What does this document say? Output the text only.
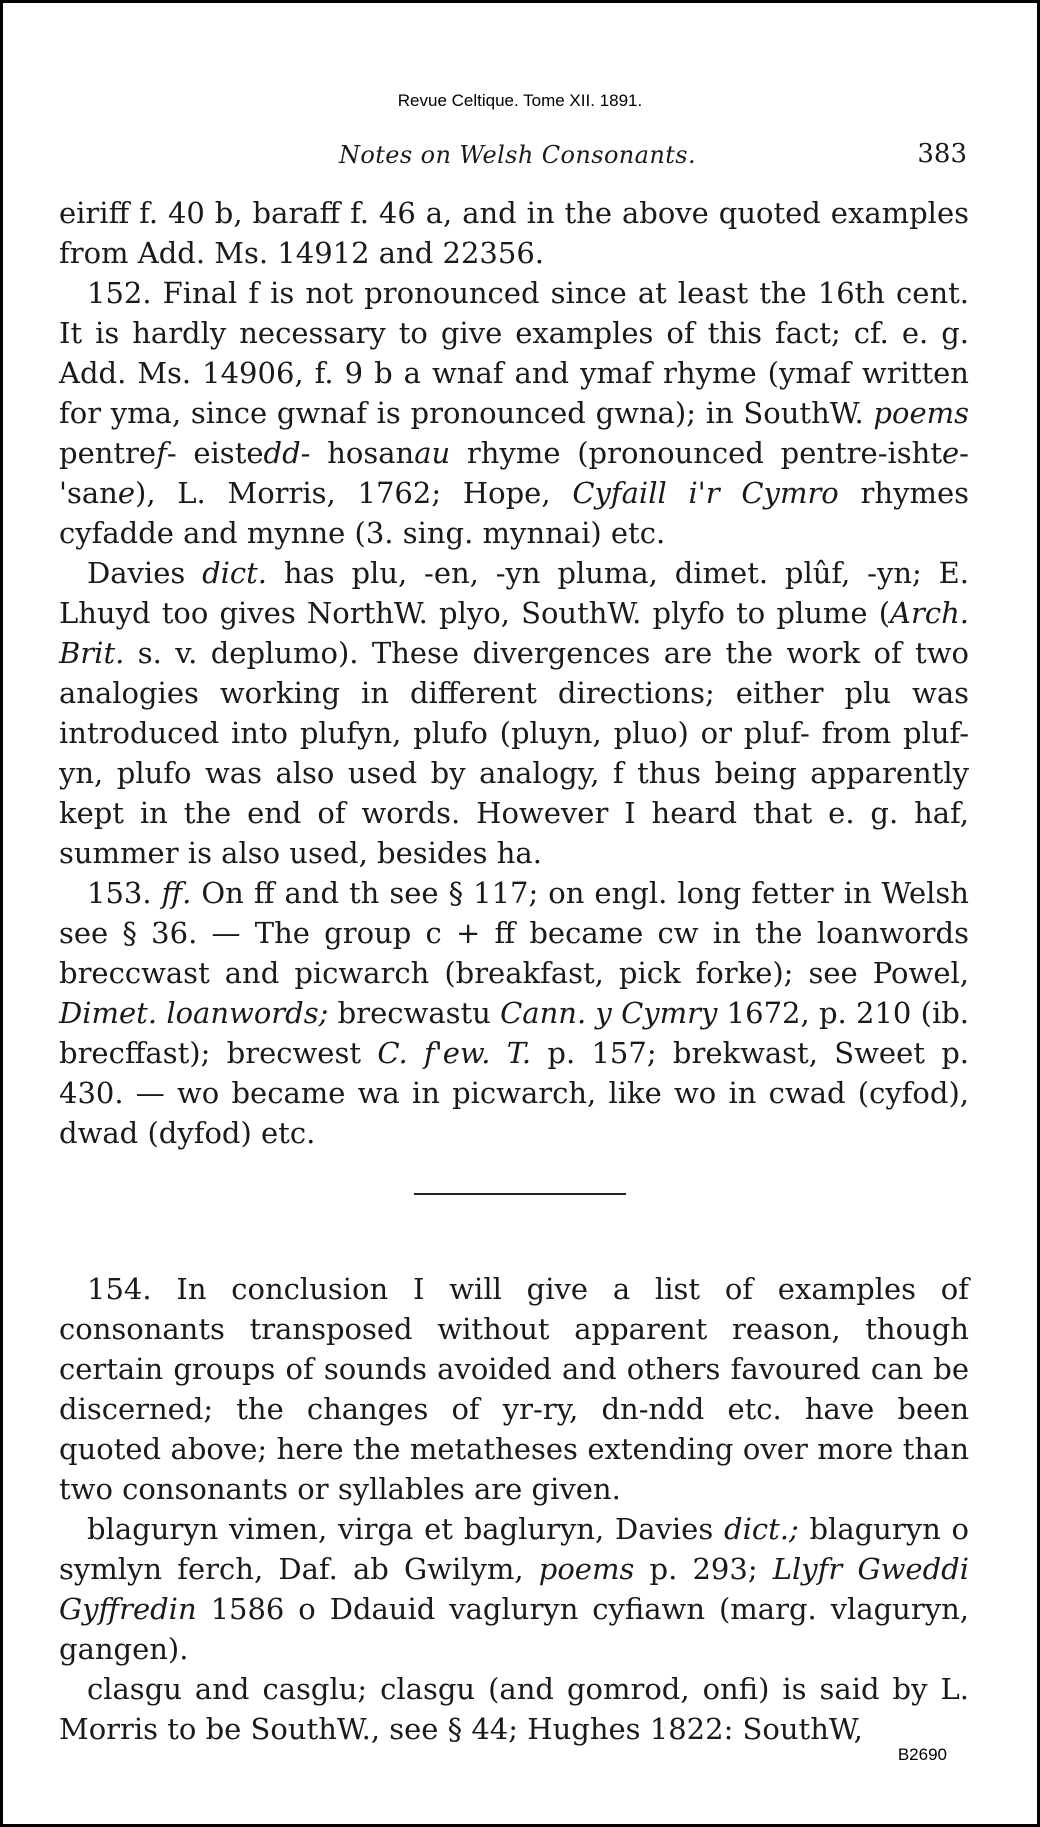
Revue Celtique. Tome XII. 1891.
Notes on Welsh Consonants.	383

eiriff f. 40 b, baraff f. 46 a, and in the above quoted examples from Add. Ms. 14912 and 22356.

152. Final f is not pronounced since at least the 16th cent. It is hardly necessary to give examples of this fact; cf. e. g. Add. Ms. 14906, f. 9 b a wnaf and ymaf rhyme (ymaf written for yma, since gwnaf is pronounced gwna); in SouthW. poems pentref- eistedd- hosanau rhyme (pronounced pentre-ishte- 'sane), L. Morris, 1762; Hope, Cyfaill i'r Cymro rhymes cyfadde and mynne (3. sing. mynnai) etc.

Davies dict. has plu, -en, -yn pluma, dimet. plûf, -yn; E. Lhuyd too gives NorthW. plyo, SouthW. plyfo to plume (Arch. Brit. s. v. deplumo). These divergences are the work of two analogies working in different directions; either plu was introduced into plufyn, plufo (pluyn, pluo) or pluf- from pluf-yn, plufo was also used by analogy, f thus being apparently kept in the end of words. However I heard that e. g. haf, summer is also used, besides ha.

153. ff. On ff and th see § 117; on engl. long fetter in Welsh see § 36. — The group c + ff became cw in the loanwords breccwast and picwarch (breakfast, pick forke); see Powel, Dimet. loanwords; brecwastu Cann. y Cymry 1672, p. 210 (ib. brecffast); brecwest C. f'ew. T. p. 157; brekwast, Sweet p. 430. — wo became wa in picwarch, like wo in cwad (cyfod), dwad (dyfod) etc.

154. In conclusion I will give a list of examples of consonants transposed without apparent reason, though certain groups of sounds avoided and others favoured can be discerned; the changes of yr-ry, dn-ndd etc. have been quoted above; here the metatheses extending over more than two consonants or syllables are given.

blaguryn vimen, virga et bagluryn, Davies dict.; blaguryn o symlyn ferch, Daf. ab Gwilym, poems p. 293; Llyfr Gweddi Gyffredin 1586 o Ddauid vagluryn cyfiawn (marg. vlaguryn, gangen).

clasgu and casglu; clasgu (and gomrod, onfi) is said by L. Morris to be SouthW., see § 44; Hughes 1822: SouthW,

B2690
